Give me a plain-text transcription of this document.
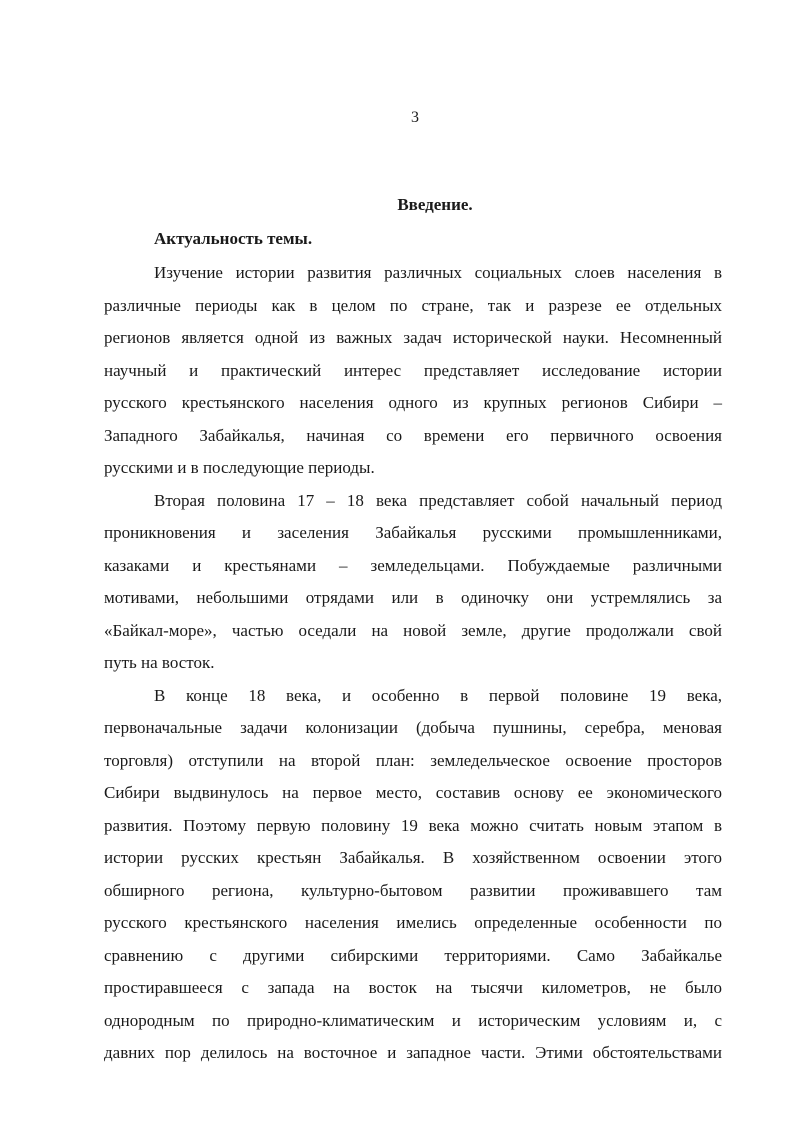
3
Введение.
Актуальность темы.
Изучение истории развития различных социальных слоев населения в
различные периоды как в целом по стране, так и разрезе ее отдельных
регионов является одной из важных задач исторической науки. Несомненный
научный и практический интерес представляет исследование истории
русского крестьянского населения одного из крупных регионов Сибири –
Западного Забайкалья, начиная со времени его первичного освоения
русскими и в последующие периоды.
Вторая половина 17 – 18 века представляет собой начальный период
проникновения и заселения Забайкалья русскими промышленниками,
казаками и крестьянами – земледельцами. Побуждаемые различными
мотивами, небольшими отрядами или в одиночку они устремлялись за
«Байкал-море», частью оседали на новой земле, другие продолжали свой
путь на восток.
В конце 18 века, и особенно в первой половине 19 века,
первоначальные задачи колонизации (добыча пушнины, серебра, меновая
торговля) отступили на второй план: земледельческое освоение просторов
Сибири выдвинулось на первое место, составив основу ее экономического
развития. Поэтому первую половину 19 века можно считать новым этапом в
истории русских крестьян Забайкалья. В хозяйственном освоении этого
обширного региона, культурно-бытовом развитии проживавшего там
русского крестьянского населения имелись определенные особенности по
сравнению с другими сибирскими территориями. Само Забайкалье
простиравшееся с запада на восток на тысячи километров, не было
однородным по природно-климатическим и историческим условиям и, с
давних пор делилось на восточное и западное части. Этими обстоятельствами
